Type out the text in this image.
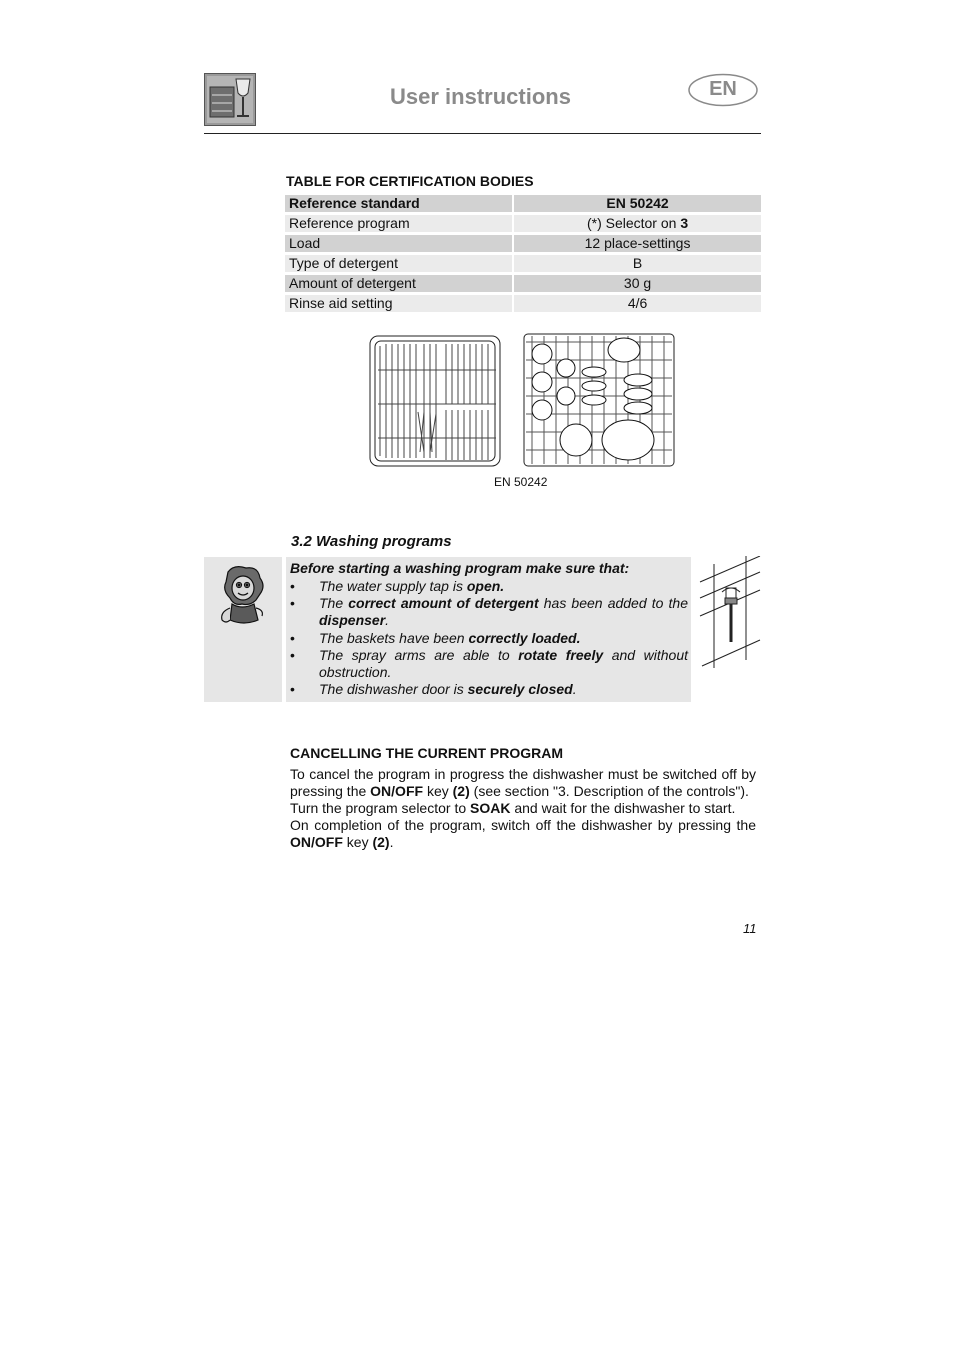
User instructions	EN
TABLE FOR CERTIFICATION BODIES
Reference standard	EN 50242
Reference program	(*) Selector on 3
Load	12 place-settings
Type of detergent	B
Amount of detergent	30 g
Rinse aid setting	4/6
EN 50242
3.2 Washing programs
Before starting a washing program make sure that:
• The water supply tap is open.
• The correct amount of detergent has been added to the dispenser.
• The baskets have been correctly loaded.
• The spray arms are able to rotate freely and without obstruction.
• The dishwasher door is securely closed.
CANCELLING THE CURRENT PROGRAM

To cancel the program in progress the dishwasher must be switched off by pressing the ON/OFF key (2) (see section "3. Description of the controls").

Turn the program selector to SOAK and wait for the dishwasher to start.

On completion of the program, switch off the dishwasher by pressing the ON/OFF key (2).

11
